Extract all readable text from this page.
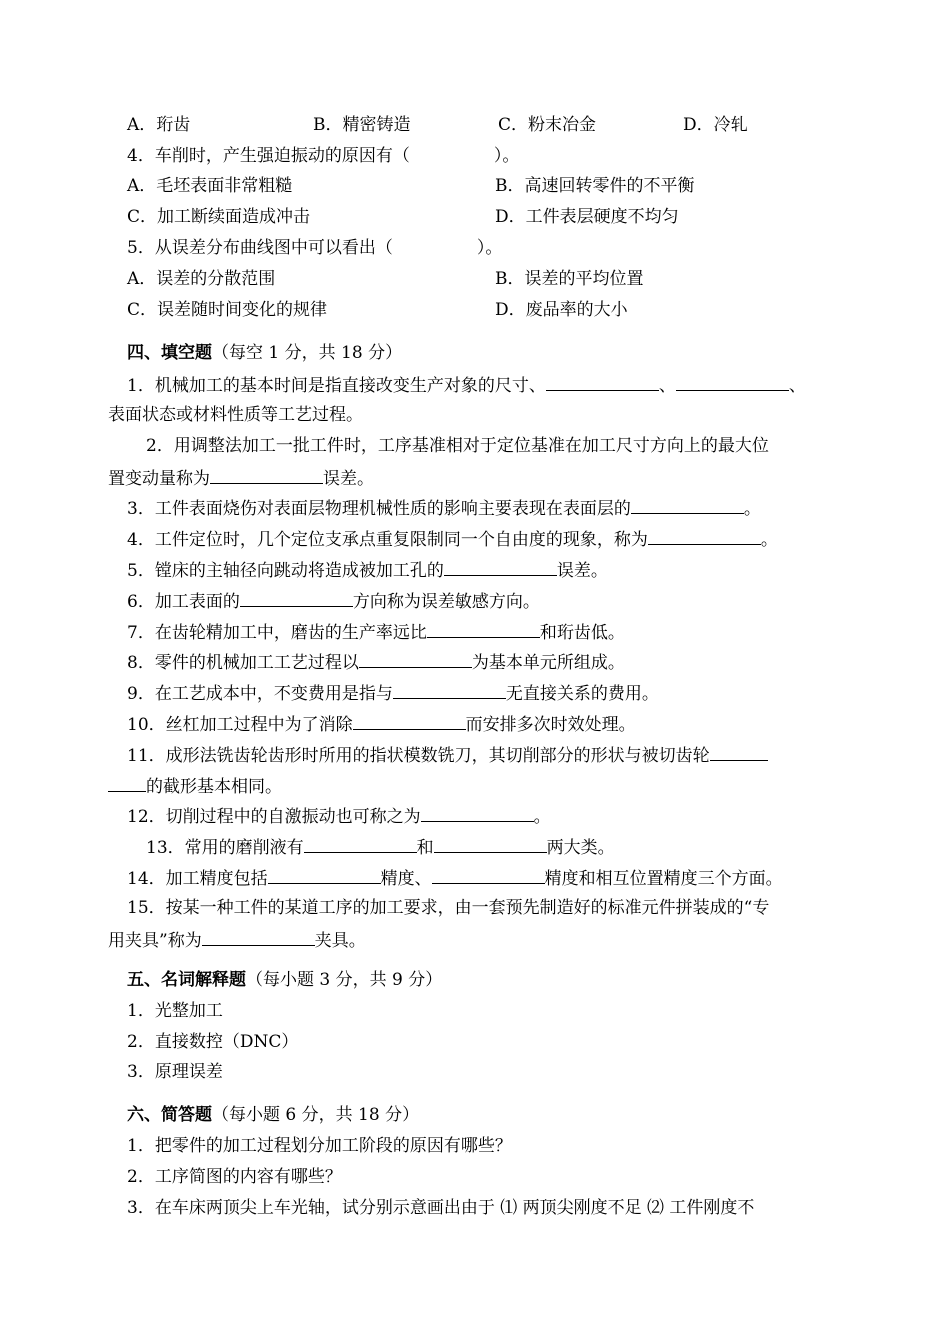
A．珩齿	B．精密铸造	C．粉末冶金	D．冷轧
4．车削时，产生强迫振动的原因有（	）。
A．毛坯表面非常粗糙	B．高速回转零件的不平衡
C．加工断续面造成冲击	D．工件表层硬度不均匀
5．从误差分布曲线图中可以看出（	）。
A．误差的分散范围	B．误差的平均位置
C．误差随时间变化的规律	D．废品率的大小
四、填空题（每空 1 分，共 18 分）
1．机械加工的基本时间是指直接改变生产对象的尺寸、	、	、
表面状态或材料性质等工艺过程。
2．用调整法加工一批工件时，工序基准相对于定位基准在加工尺寸方向上的最大位
置变动量称为	误差。
3．工件表面烧伤对表面层物理机械性质的影响主要表现在表面层的	。
4．工件定位时，几个定位支承点重复限制同一个自由度的现象，称为	。
5．镗床的主轴径向跳动将造成被加工孔的	误差。
6．加工表面的	方向称为误差敏感方向。
7．在齿轮精加工中，磨齿的生产率远比	和珩齿低。
8．零件的机械加工工艺过程以	为基本单元所组成。
9．在工艺成本中，不变费用是指与	无直接关系的费用。
10．丝杠加工过程中为了消除	而安排多次时效处理。
11．成形法铣齿轮齿形时所用的指状模数铣刀，其切削部分的形状与被切齿轮
的截形基本相同。
12．切削过程中的自激振动也可称之为	。
13．常用的磨削液有	和	两大类。
14．加工精度包括	精度、	精度和相互位置精度三个方面。
15．按某一种工件的某道工序的加工要求，由一套预先制造好的标准元件拼装成的“专
用夹具”称为	夹具。
五、名词解释题（每小题 3 分，共 9 分）
1．光整加工
2．直接数控（DNC）
3．原理误差
六、简答题（每小题 6 分，共 18 分）
1．把零件的加工过程划分加工阶段的原因有哪些？
2．工序简图的内容有哪些？
3．在车床两顶尖上车光轴，试分别示意画出由于 ⑴ 两顶尖刚度不足 ⑵ 工件刚度不
